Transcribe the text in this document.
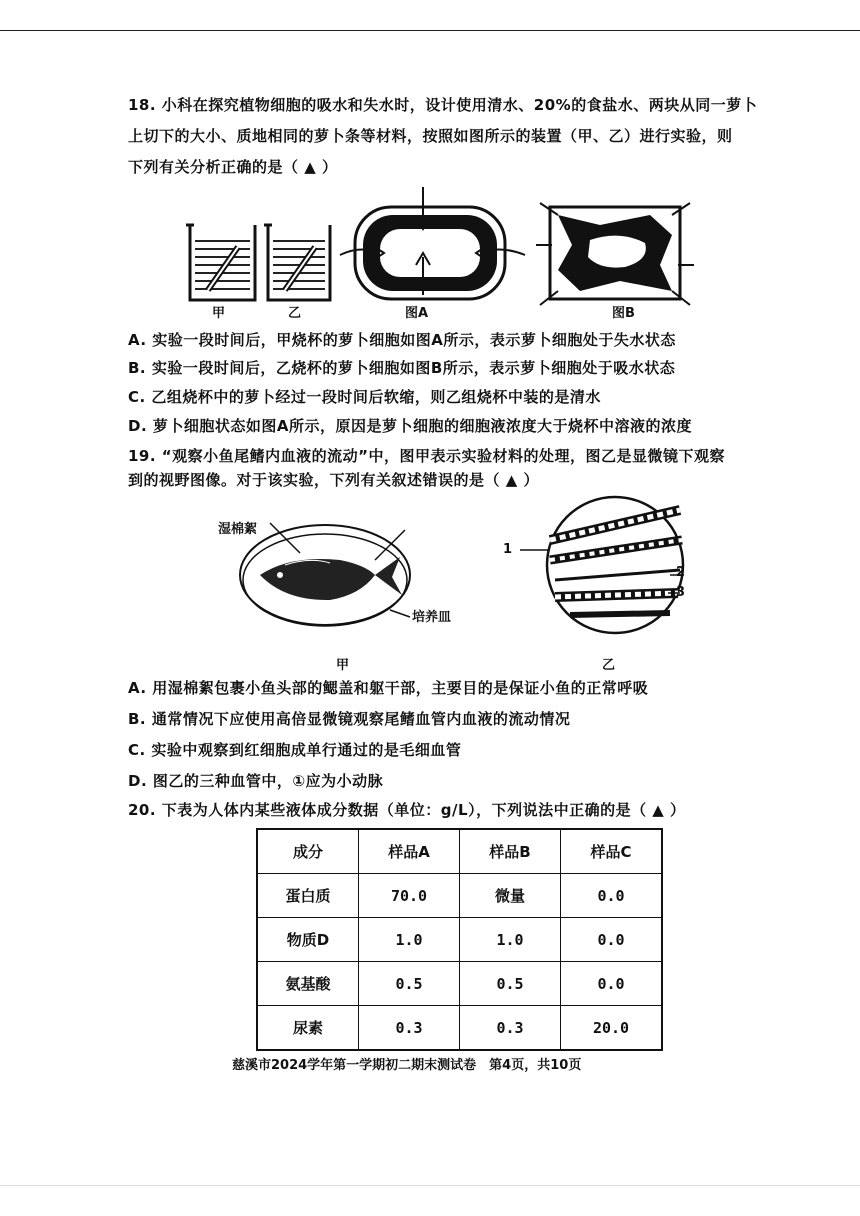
18. 小科在探究植物细胞的吸水和失水时，设计使用清水、20%的食盐水、两块从同一萝卜
上切下的大小、质地相同的萝卜条等材料，按照如图所示的装置（甲、乙）进行实验，则
下列有关分析正确的是（ ▲ ）
甲	乙	图A	图B
A. 实验一段时间后，甲烧杯的萝卜细胞如图A所示，表示萝卜细胞处于失水状态
B. 实验一段时间后，乙烧杯的萝卜细胞如图B所示，表示萝卜细胞处于吸水状态
C. 乙组烧杯中的萝卜经过一段时间后软缩，则乙组烧杯中装的是清水
D. 萝卜细胞状态如图A所示，原因是萝卜细胞的细胞液浓度大于烧杯中溶液的浓度
19. “观察小鱼尾鳍内血液的流动”中，图甲表示实验材料的处理，图乙是显微镜下观察
到的视野图像。对于该实验，下列有关叙述错误的是（ ▲ ）
湿棉絮
培养皿
1
2
3
甲	乙
A. 用湿棉絮包裹小鱼头部的鳃盖和躯干部，主要目的是保证小鱼的正常呼吸
B. 通常情况下应使用高倍显微镜观察尾鳍血管内血液的流动情况
C. 实验中观察到红细胞成单行通过的是毛细血管
D. 图乙的三种血管中，①应为小动脉
20. 下表为人体内某些液体成分数据（单位：g/L），下列说法中正确的是（ ▲ ）
成分	样品A	样品B	样品C
蛋白质	70.0	微量	0.0
物质D	1.0	1.0	0.0
氨基酸	0.5	0.5	0.0
尿素	0.3	0.3	20.0
慈溪市2024学年第一学期初二期末测试卷　第4页，共10页
